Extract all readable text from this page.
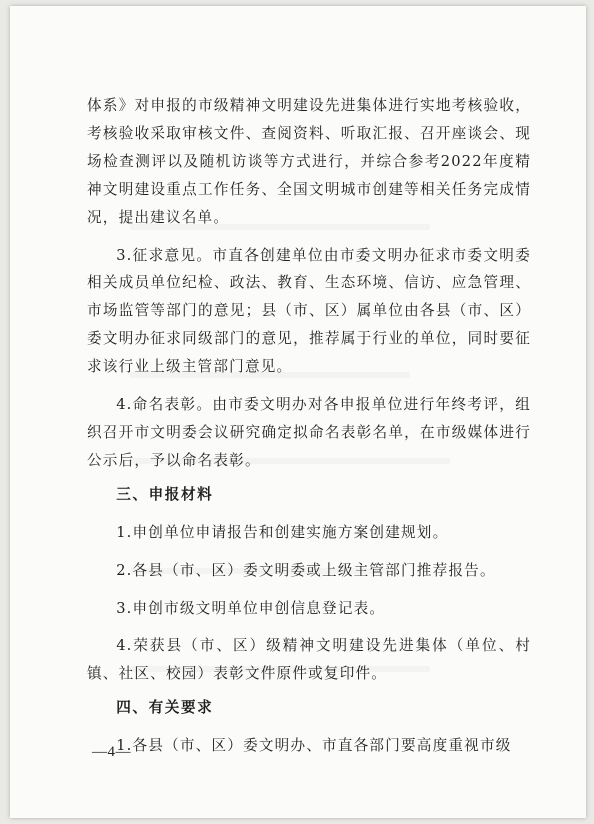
体系》对申报的市级精神文明建设先进集体进行实地考核验收，考核验收采取审核文件、查阅资料、听取汇报、召开座谈会、现场检查测评以及随机访谈等方式进行，并综合参考2022年度精神文明建设重点工作任务、全国文明城市创建等相关任务完成情况，提出建议名单。

3.征求意见。市直各创建单位由市委文明办征求市委文明委相关成员单位纪检、政法、教育、生态环境、信访、应急管理、市场监管等部门的意见；县（市、区）属单位由各县（市、区）委文明办征求同级部门的意见，推荐属于行业的单位，同时要征求该行业上级主管部门意见。

4.命名表彰。由市委文明办对各申报单位进行年终考评，组织召开市文明委会议研究确定拟命名表彰名单，在市级媒体进行公示后，予以命名表彰。

三、申报材料

1.申创单位申请报告和创建实施方案创建规划。

2.各县（市、区）委文明委或上级主管部门推荐报告。

3.申创市级文明单位申创信息登记表。

4.荣获县（市、区）级精神文明建设先进集体（单位、村镇、社区、校园）表彰文件原件或复印件。

四、有关要求

1.各县（市、区）委文明办、市直各部门要高度重视市级

—4—
